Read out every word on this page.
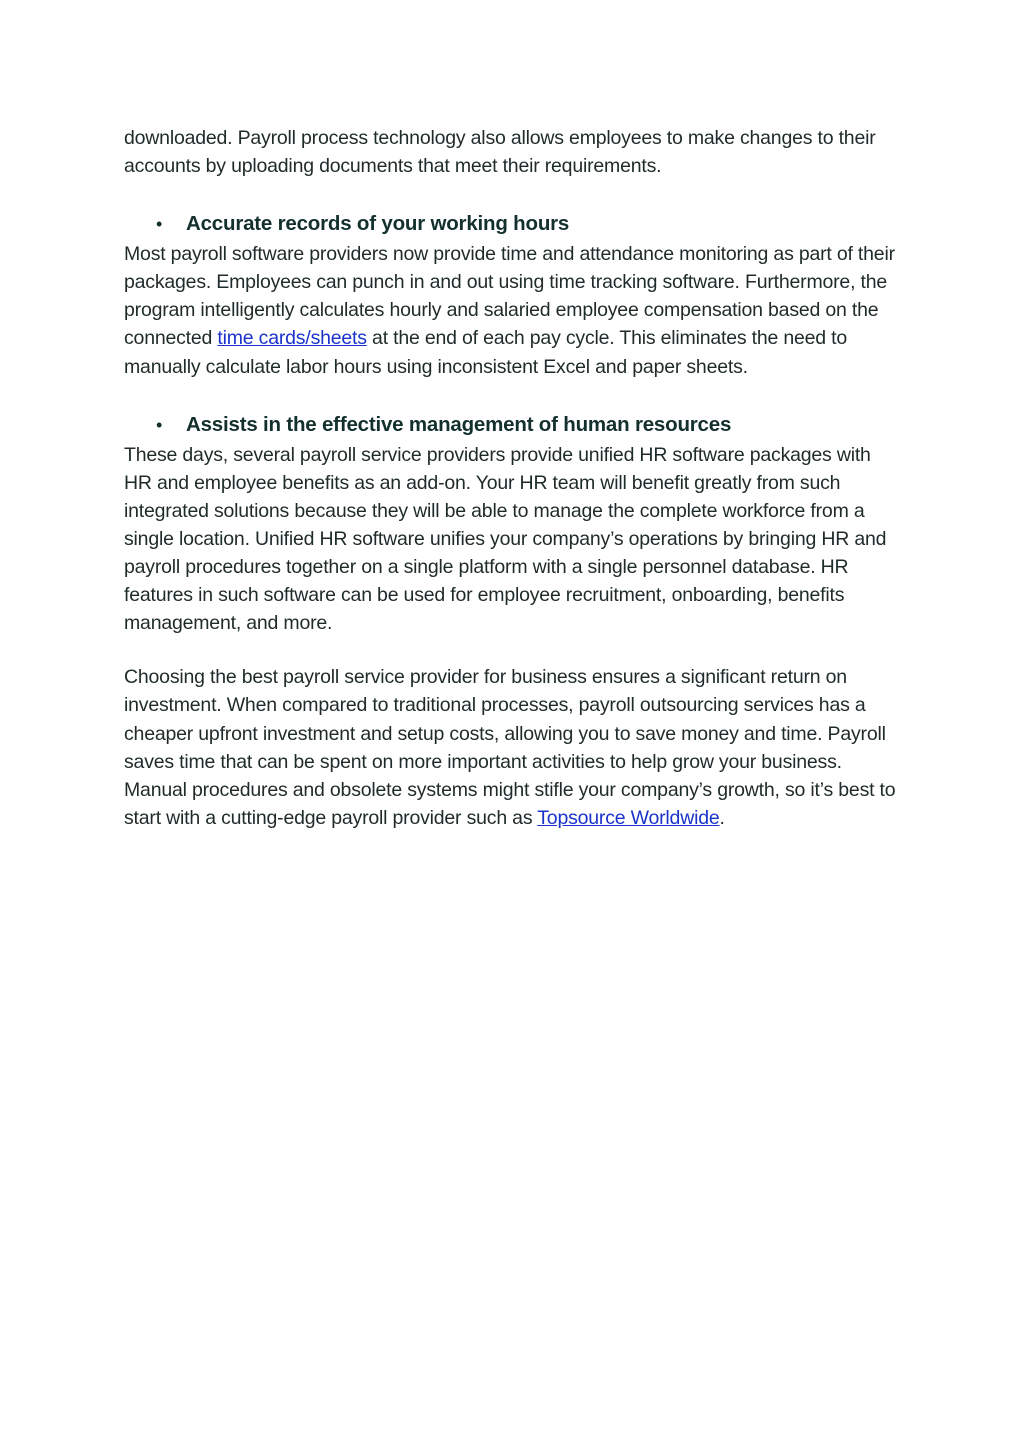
downloaded. Payroll process technology also allows employees to make changes to their accounts by uploading documents that meet their requirements.

• Accurate records of your working hours

Most payroll software providers now provide time and attendance monitoring as part of their packages. Employees can punch in and out using time tracking software. Furthermore, the program intelligently calculates hourly and salaried employee compensation based on the connected time cards/sheets at the end of each pay cycle. This eliminates the need to manually calculate labor hours using inconsistent Excel and paper sheets.

• Assists in the effective management of human resources

These days, several payroll service providers provide unified HR software packages with HR and employee benefits as an add-on. Your HR team will benefit greatly from such integrated solutions because they will be able to manage the complete workforce from a single location. Unified HR software unifies your company’s operations by bringing HR and payroll procedures together on a single platform with a single personnel database. HR features in such software can be used for employee recruitment, onboarding, benefits management, and more.

Choosing the best payroll service provider for business ensures a significant return on investment. When compared to traditional processes, payroll outsourcing services has a cheaper upfront investment and setup costs, allowing you to save money and time. Payroll saves time that can be spent on more important activities to help grow your business. Manual procedures and obsolete systems might stifle your company’s growth, so it’s best to start with a cutting-edge payroll provider such as Topsource Worldwide.
